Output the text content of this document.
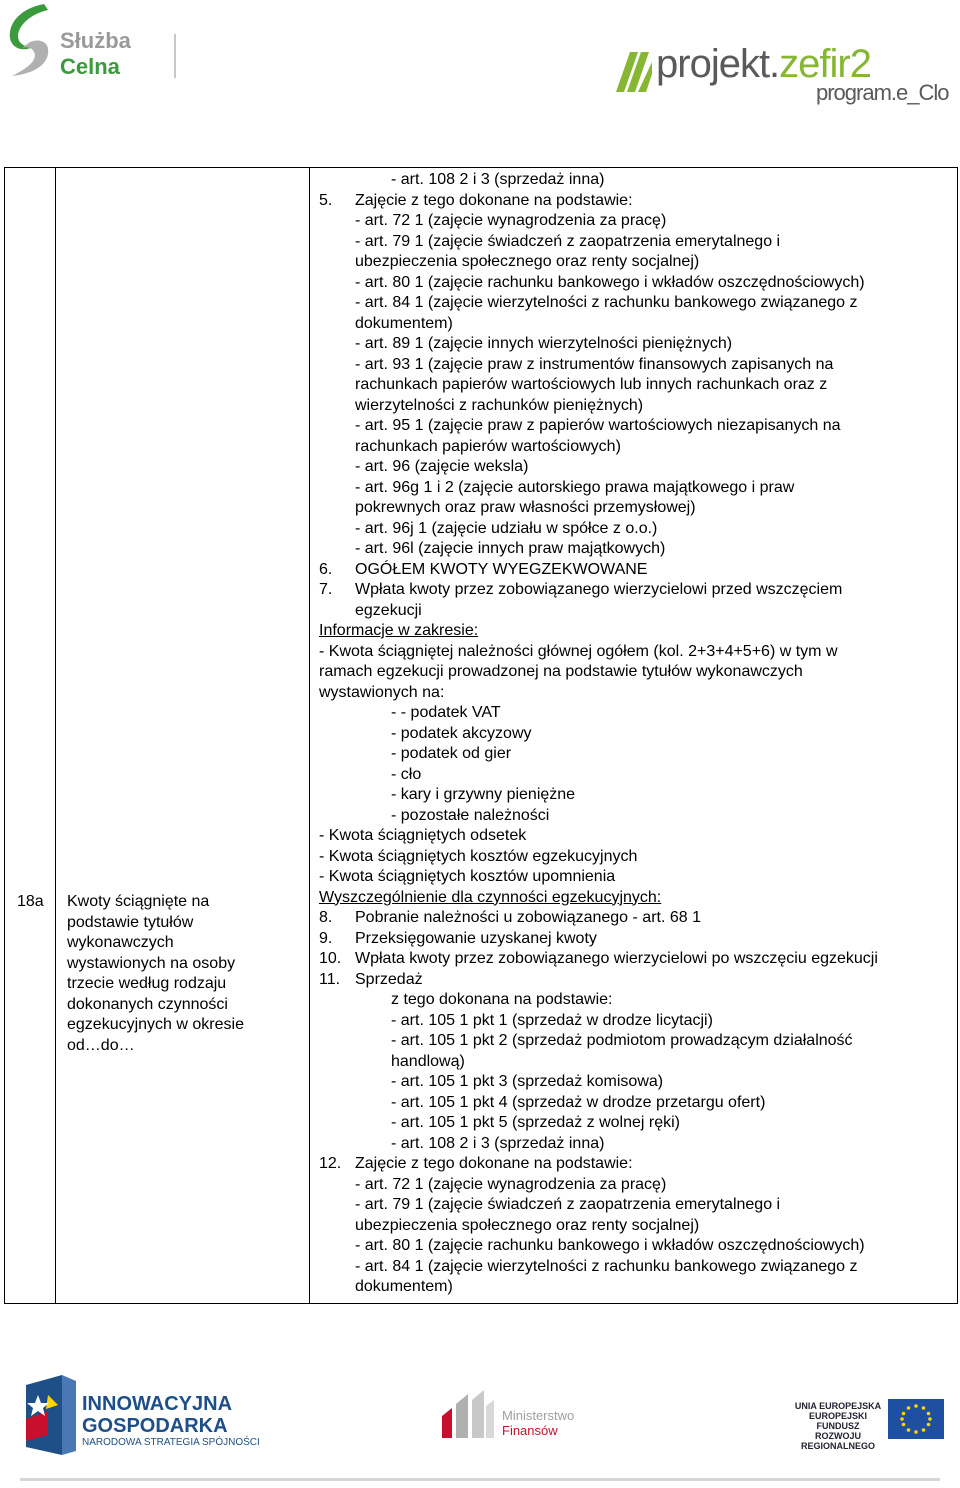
Służba
Celna	projekt.zefir2
program.e_Clo
18a Kwoty ściągnięte na
podstawie tytułów
wykonawczych
wystawionych na osoby
trzecie według rodzaju
dokonanych czynności
egzekucyjnych w okresie
od…do…
- art. 108 2 i 3 (sprzedaż inna)
5. Zajęcie z tego dokonane na podstawie:
- art. 72 1 (zajęcie wynagrodzenia za pracę)
- art. 79 1 (zajęcie świadczeń z zaopatrzenia emerytalnego i
ubezpieczenia społecznego oraz renty socjalnej)
- art. 80 1 (zajęcie rachunku bankowego i wkładów oszczędnościowych)
- art. 84 1 (zajęcie wierzytelności z rachunku bankowego związanego z
dokumentem)
- art. 89 1 (zajęcie innych wierzytelności pieniężnych)
- art. 93 1 (zajęcie praw z instrumentów finansowych zapisanych na
rachunkach papierów wartościowych lub innych rachunkach oraz z
wierzytelności z rachunków pieniężnych)
- art. 95 1 (zajęcie praw z papierów wartościowych niezapisanych na
rachunkach papierów wartościowych)
- art. 96 (zajęcie weksla)
- art. 96g 1 i 2 (zajęcie autorskiego prawa majątkowego i praw
pokrewnych oraz praw własności przemysłowej)
- art. 96j 1 (zajęcie udziału w spółce z o.o.)
- art. 96l (zajęcie innych praw majątkowych)
6. OGÓŁEM KWOTY WYEGZEKWOWANE
7. Wpłata kwoty przez zobowiązanego wierzycielowi przed wszczęciem
egzekucji
Informacje w zakresie:
- Kwota ściągniętej należności głównej ogółem (kol. 2+3+4+5+6) w tym w
ramach egzekucji prowadzonej na podstawie tytułów wykonawczych
wystawionych na:
- - podatek VAT
- podatek akcyzowy
- podatek od gier
- cło
- kary i grzywny pieniężne
- pozostałe należności
- Kwota ściągniętych odsetek
- Kwota ściągniętych kosztów egzekucyjnych
- Kwota ściągniętych kosztów upomnienia
Wyszczególnienie dla czynności egzekucyjnych:
8. Pobranie należności u zobowiązanego - art. 68 1
9. Przeksięgowanie uzyskanej kwoty
10. Wpłata kwoty przez zobowiązanego wierzycielowi po wszczęciu egzekucji
11. Sprzedaż
z tego dokonana na podstawie:
- art. 105 1 pkt 1 (sprzedaż w drodze licytacji)
- art. 105 1 pkt 2 (sprzedaż podmiotom prowadzącym działalność
handlową)
- art. 105 1 pkt 3 (sprzedaż komisowa)
- art. 105 1 pkt 4 (sprzedaż w drodze przetargu ofert)
- art. 105 1 pkt 5 (sprzedaż z wolnej ręki)
- art. 108 2 i 3 (sprzedaż inna)
12. Zajęcie z tego dokonane na podstawie:
- art. 72 1 (zajęcie wynagrodzenia za pracę)
- art. 79 1 (zajęcie świadczeń z zaopatrzenia emerytalnego i
ubezpieczenia społecznego oraz renty socjalnej)
- art. 80 1 (zajęcie rachunku bankowego i wkładów oszczędnościowych)
- art. 84 1 (zajęcie wierzytelności z rachunku bankowego związanego z
dokumentem)
INNOWACYJNA
GOSPODARKA
NARODOWA STRATEGIA SPÓJNOŚCI
Ministerstwo
Finansów
UNIA EUROPEJSKA
EUROPEJSKI FUNDUSZ
ROZWOJU REGIONALNEGO
